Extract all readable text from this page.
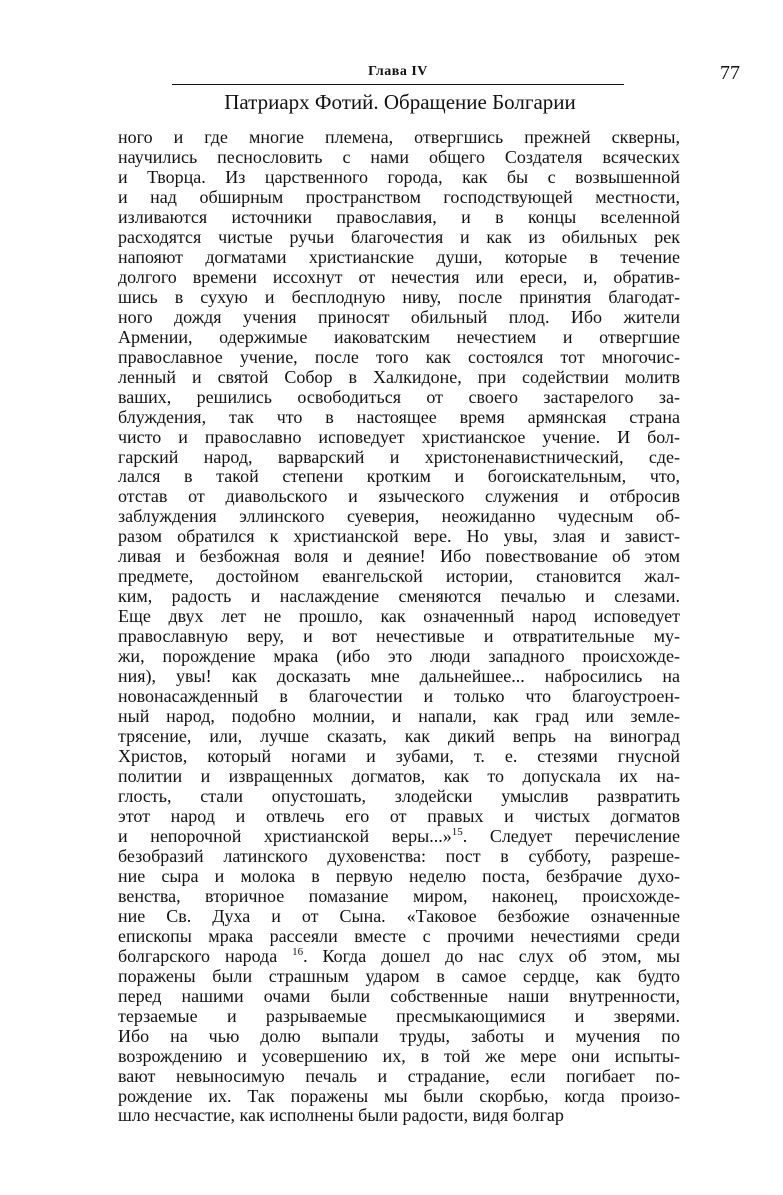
Глава IV	77

Патриарх Фотий. Обращение Болгарии

ного и где многие племена, отвергшись прежней скверны,
научились песнословить с нами общего Создателя всяческих
и Творца. Из царственного города, как бы с возвышенной
и над обширным пространством господствующей местности,
изливаются источники православия, и в концы вселенной
расходятся чистые ручьи благочестия и как из обильных рек
напояют догматами христианские души, которые в течение
долгого времени иссохнут от нечестия или ереси, и, обратив-
шись в сухую и бесплодную ниву, после принятия благодат-
ного дождя учения приносят обильный плод. Ибо жители
Армении, одержимые иаковатским нечестием и отвергшие
православное учение, после того как состоялся тот многочис-
ленный и святой Собор в Халкидоне, при содействии молитв
ваших, решились освободиться от своего застарелого за-
блуждения, так что в настоящее время армянская страна
чисто и православно исповедует христианское учение. И бол-
гарский народ, варварский и христоненавистнический, сде-
лался в такой степени кротким и богоискательным, что,
отстав от диавольского и языческого служения и отбросив
заблуждения эллинского суеверия, неожиданно чудесным об-
разом обратился к христианской вере. Но увы, злая и завист-
ливая и безбожная воля и деяние! Ибо повествование об этом
предмете, достойном евангельской истории, становится жал-
ким, радость и наслаждение сменяются печалью и слезами.
Еще двух лет не прошло, как означенный народ исповедует
православную веру, и вот нечестивые и отвратительные му-
жи, порождение мрака (ибо это люди западного происхожде-
ния), увы! как досказать мне дальнейшее... набросились на
новонасажденный в благочестии и только что благоустроен-
ный народ, подобно молнии, и напали, как град или земле-
трясение, или, лучше сказать, как дикий вепрь на виноград
Христов, который ногами и зубами, т. е. стезями гнусной
политии и извращенных догматов, как то допускала их на-
глость, стали опустошать, злодейски умыслив развратить
этот народ и отвлечь его от правых и чистых догматов
и непорочной христианской веры...»$^{15}$. Следует перечисление
безобразий латинского духовенства: пост в субботу, разреше-
ние сыра и молока в первую неделю поста, безбрачие духо-
венства, вторичное помазание миром, наконец, происхожде-
ние Св. Духа и от Сына. «Таковое безбожие означенные
епископы мрака рассеяли вместе с прочими нечестиями среди
болгарского народа $^{16}$. Когда дошел до нас слух об этом, мы
поражены были страшным ударом в самое сердце, как будто
перед нашими очами были собственные наши внутренности,
терзаемые и разрываемые пресмыкающимися и зверями.
Ибо на чью долю выпали труды, заботы и мучения по
возрождению и усовершению их, в той же мере они испыты-
вают невыносимую печаль и страдание, если погибает по-
рождение их. Так поражены мы были скорбью, когда произо-
шло несчастие, как исполнены были радости, видя болгар
